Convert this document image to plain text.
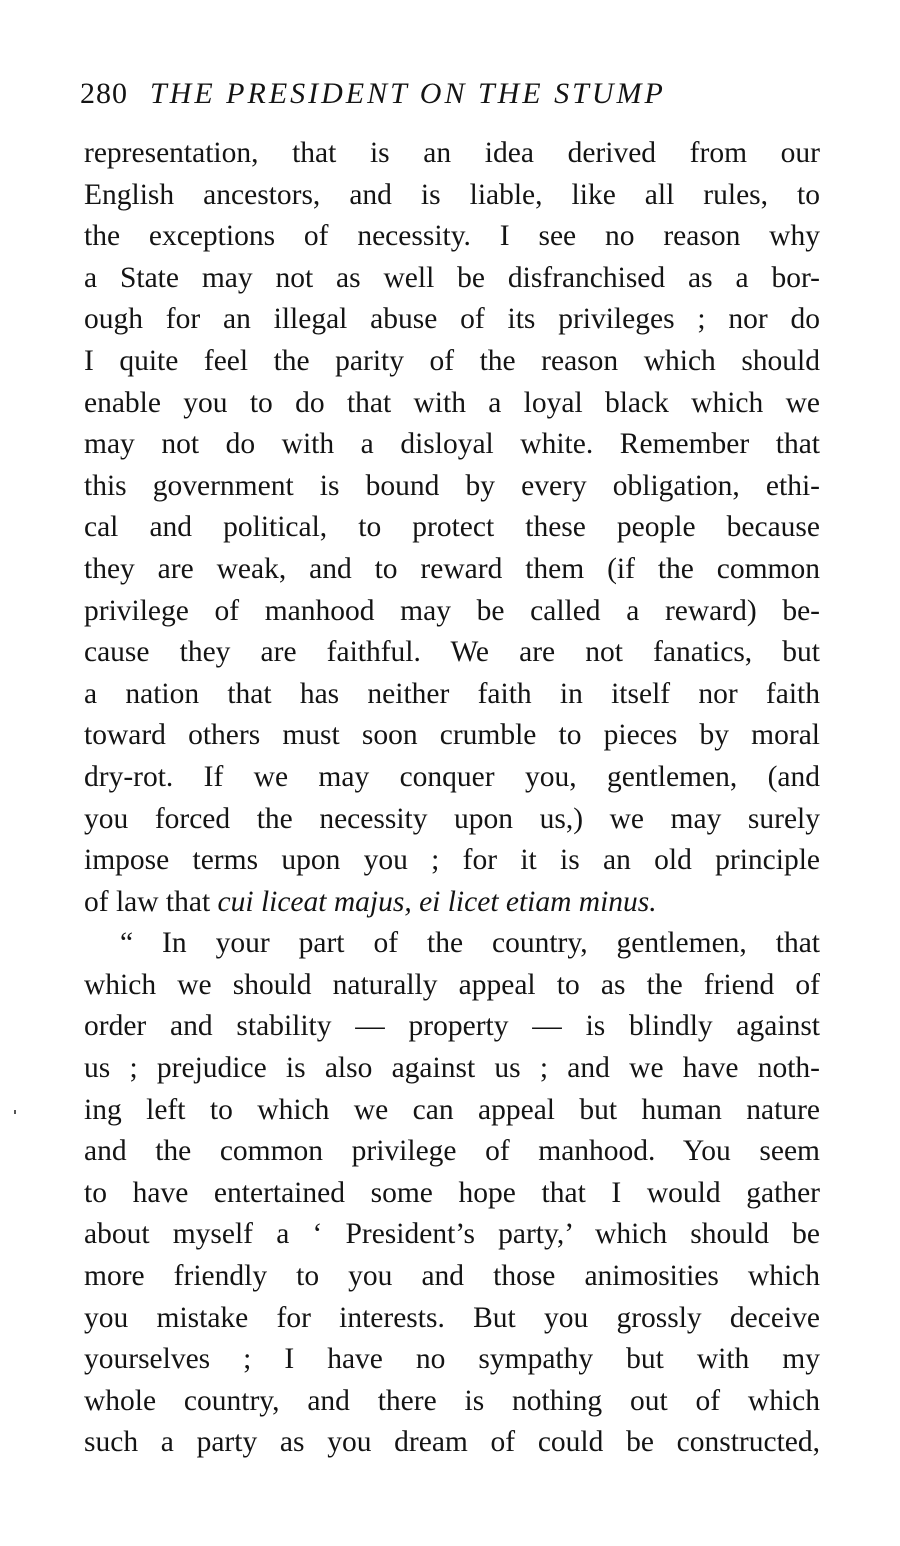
280 THE PRESIDENT ON THE STUMP
representation, that is an idea derived from our
English ancestors, and is liable, like all rules, to
the exceptions of necessity. I see no reason why
a State may not as well be disfranchised as a bor-
ough for an illegal abuse of its privileges ; nor do
I quite feel the parity of the reason which should
enable you to do that with a loyal black which we
may not do with a disloyal white. Remember that
this government is bound by every obligation, ethi-
cal and political, to protect these people because
they are weak, and to reward them (if the common
privilege of manhood may be called a reward) be-
cause they are faithful. We are not fanatics, but
a nation that has neither faith in itself nor faith
toward others must soon crumble to pieces by moral
dry-rot. If we may conquer you, gentlemen, (and
you forced the necessity upon us,) we may surely
impose terms upon you ; for it is an old principle
of law that cui liceat majus, ei licet etiam minus.
“ In your part of the country, gentlemen, that
which we should naturally appeal to as the friend of
order and stability — property — is blindly against
us ; prejudice is also against us ; and we have noth-
ing left to which we can appeal but human nature
and the common privilege of manhood. You seem
to have entertained some hope that I would gather
about myself a ‘ President’s party,’ which should be
more friendly to you and those animosities which
you mistake for interests. But you grossly deceive
yourselves ; I have no sympathy but with my
whole country, and there is nothing out of which
such a party as you dream of could be constructed,
